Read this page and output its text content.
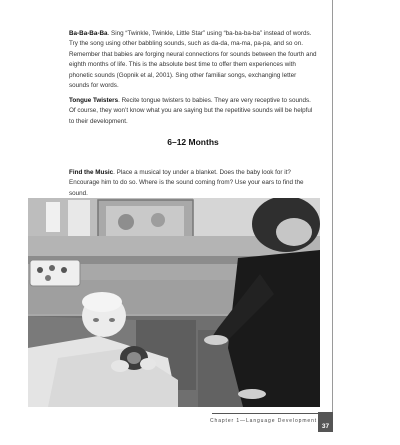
Ba-Ba-Ba-Ba. Sing “Twinkle, Twinkle, Little Star” using “ba-ba-ba-ba” instead of words. Try the song using other babbling sounds, such as da-da, ma-ma, pa-pa, and so on. Remember that babies are forging neural connections for sounds between the fourth and eighth months of life. This is the absolute best time to offer them experiences with phonetic sounds (Gopnik et al, 2001). Sing other familiar songs, exchanging letter sounds for words.

Tongue Twisters. Recite tongue twisters to babies. They are very receptive to sounds. Of course, they won’t know what you are saying but the repetitive sounds will be helpful to their development.

6–12 Months

Find the Music. Place a musical toy under a blanket. Does the baby look for it? Encourage him to do so. Where is the sound coming from? Use your ears to find the sound.

Chapter 1—Language Development
37
